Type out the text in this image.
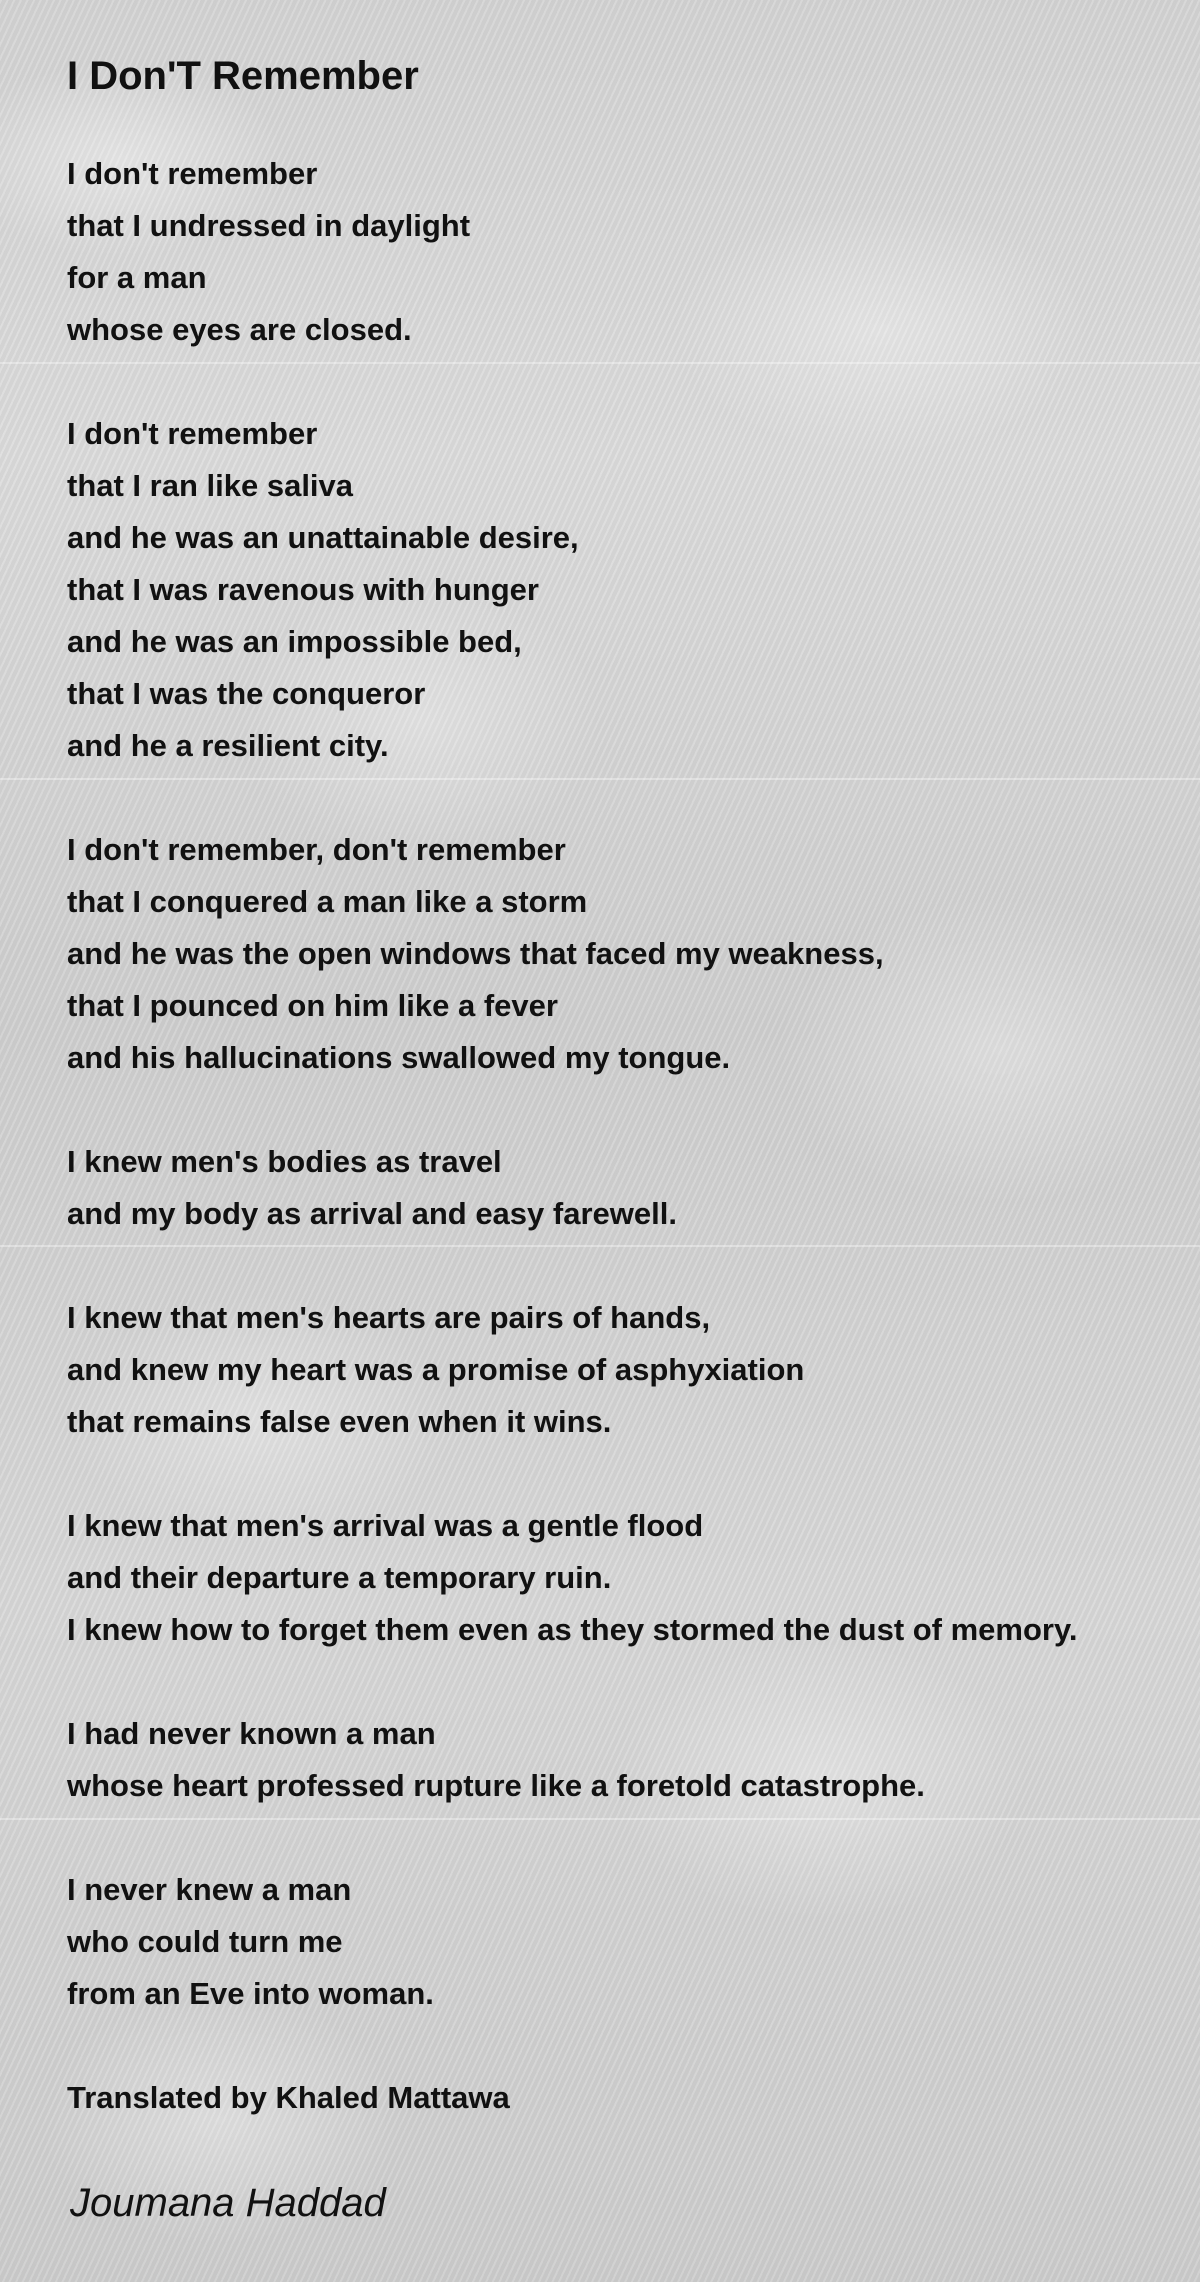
I Don'T Remember
I don't remember
that I undressed in daylight
for a man
whose eyes are closed.
I don't remember
that I ran like saliva
and he was an unattainable desire,
that I was ravenous with hunger
and he was an impossible bed,
that I was the conqueror
and he a resilient city.
I don't remember, don't remember
that I conquered a man like a storm
and he was the open windows that faced my weakness,
that I pounced on him like a fever
and his hallucinations swallowed my tongue.
I knew men's bodies as travel
and my body as arrival and easy farewell.
I knew that men's hearts are pairs of hands,
and knew my heart was a promise of asphyxiation
that remains false even when it wins.
I knew that men's arrival was a gentle flood
and their departure a temporary ruin.
I knew how to forget them even as they stormed the dust of memory.
I had never known a man
whose heart professed rupture like a foretold catastrophe.
I never knew a man
who could turn me
from an Eve into woman.
Translated by Khaled Mattawa
Joumana Haddad
